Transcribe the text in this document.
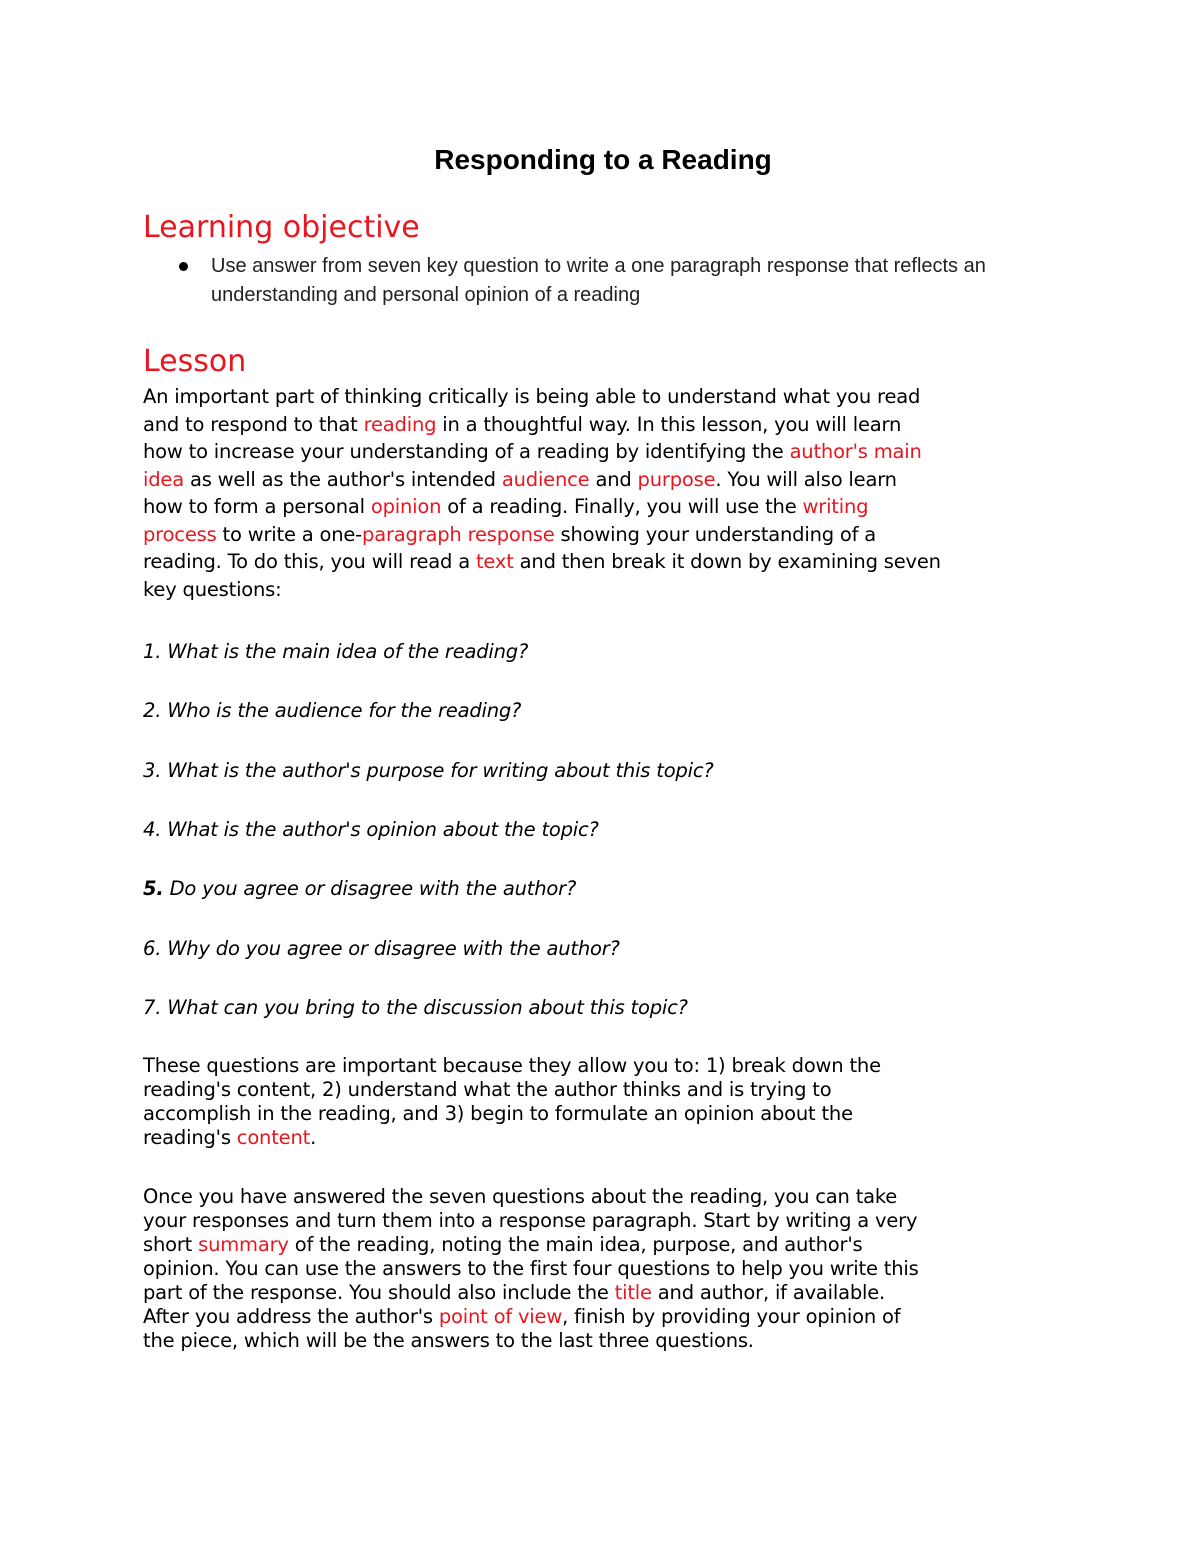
Responding to a Reading
Learning objective
Use answer from seven key question to write a one paragraph response that reflects an
understanding and personal opinion of a reading
Lesson
An important part of thinking critically is being able to understand what you read
and to respond to that reading in a thoughtful way. In this lesson, you will learn
how to increase your understanding of a reading by identifying the author's main
idea as well as the author's intended audience and purpose. You will also learn
how to form a personal opinion of a reading. Finally, you will use the writing
process to write a one-paragraph response showing your understanding of a
reading. To do this, you will read a text and then break it down by examining seven
key questions:
1. What is the main idea of the reading?
2. Who is the audience for the reading?
3. What is the author's purpose for writing about this topic?
4. What is the author's opinion about the topic?
5. Do you agree or disagree with the author?
6. Why do you agree or disagree with the author?
7. What can you bring to the discussion about this topic?
These questions are important because they allow you to: 1) break down the
reading's content, 2) understand what the author thinks and is trying to
accomplish in the reading, and 3) begin to formulate an opinion about the
reading's content.
Once you have answered the seven questions about the reading, you can take
your responses and turn them into a response paragraph. Start by writing a very
short summary of the reading, noting the main idea, purpose, and author's
opinion. You can use the answers to the first four questions to help you write this
part of the response. You should also include the title and author, if available.
After you address the author's point of view, finish by providing your opinion of
the piece, which will be the answers to the last three questions.
